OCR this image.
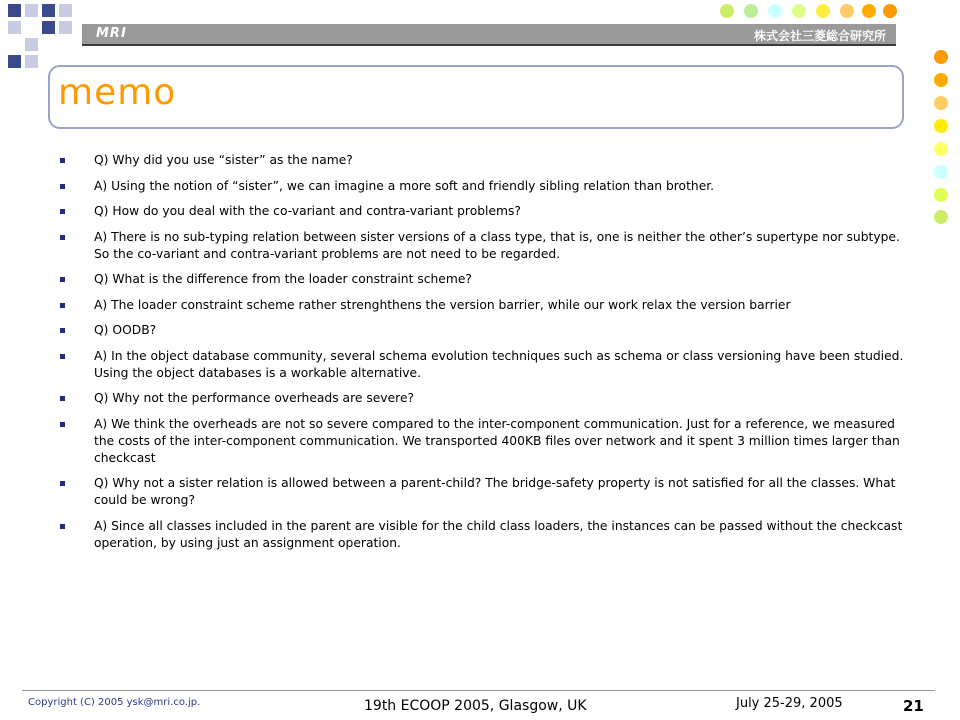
MRI	株式会社三菱総合研究所
memo
Q) Why did you use “sister” as the name?
A) Using the notion of “sister”, we can imagine a more soft and friendly sibling relation than brother.
Q) How do you deal with the co-variant and contra-variant problems?
A) There is no sub-typing relation between sister versions of a class type, that is, one is neither the other’s supertype nor subtype. So the co-variant and contra-variant problems are not need to be regarded.
Q) What is the difference from the loader constraint scheme?
A) The loader constraint scheme rather strenghthens the version barrier, while our work relax the version barrier
Q) OODB?
A) In the object database community, several schema evolution techniques such as schema or class versioning have been studied. Using the object databases is a workable alternative.
Q) Why not the performance overheads are severe?
A) We think the overheads are not so severe compared to the inter-component communication. Just for a reference, we measured the costs of the inter-component communication. We transported 400KB files over network and it spent 3 million times larger than checkcast
Q) Why not a sister relation is allowed between a parent-child? The bridge-safety property is not satisfied for all the classes. What could be wrong?
A) Since all classes included in the parent are visible for the child class loaders, the instances can be passed without the checkcast operation, by using just an assignment operation.
Copyright (C) 2005 ysk@mri.co.jp.	19th ECOOP 2005, Glasgow, UK	July 25-29, 2005	21
